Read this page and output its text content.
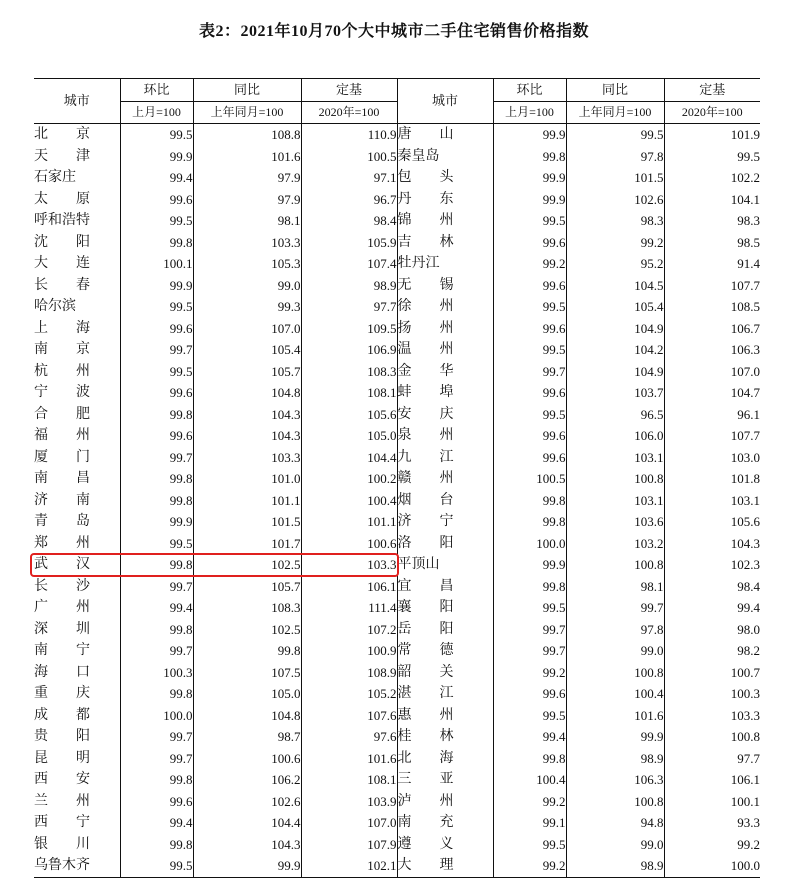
表2：2021年10月70个大中城市二手住宅销售价格指数
城市	环比	同比	定基	城市	环比	同比	定基
	上月=100	上年同月=100	2020年=100		上月=100	上年同月=100	2020年=100
北　　京	99.5	108.8	110.9	唐　　山	99.9	99.5	101.9
天　　津	99.9	101.6	100.5	秦皇岛	99.8	97.8	99.5
石家庄	99.4	97.9	97.1	包　　头	99.9	101.5	102.2
太　　原	99.6	97.9	96.7	丹　　东	99.9	102.6	104.1
呼和浩特	99.5	98.1	98.4	锦　　州	99.5	98.3	98.3
沈　　阳	99.8	103.3	105.9	吉　　林	99.6	99.2	98.5
大　　连	100.1	105.3	107.4	牡丹江	99.2	95.2	91.4
长　　春	99.9	99.0	98.9	无　　锡	99.6	104.5	107.7
哈尔滨	99.5	99.3	97.7	徐　　州	99.5	105.4	108.5
上　　海	99.6	107.0	109.5	扬　　州	99.6	104.9	106.7
南　　京	99.7	105.4	106.9	温　　州	99.5	104.2	106.3
杭　　州	99.5	105.7	108.3	金　　华	99.7	104.9	107.0
宁　　波	99.6	104.8	108.1	蚌　　埠	99.6	103.7	104.7
合　　肥	99.8	104.3	105.6	安　　庆	99.5	96.5	96.1
福　　州	99.6	104.3	105.0	泉　　州	99.6	106.0	107.7
厦　　门	99.7	103.3	104.4	九　　江	99.6	103.1	103.0
南　　昌	99.8	101.0	100.2	赣　　州	100.5	100.8	101.8
济　　南	99.8	101.1	100.4	烟　　台	99.8	103.1	103.1
青　　岛	99.9	101.5	101.1	济　　宁	99.8	103.6	105.6
郑　　州	99.5	101.7	100.6	洛　　阳	100.0	103.2	104.3
武　　汉	99.8	102.5	103.3	平顶山	99.9	100.8	102.3
长　　沙	99.7	105.7	106.1	宜　　昌	99.8	98.1	98.4
广　　州	99.4	108.3	111.4	襄　　阳	99.5	99.7	99.4
深　　圳	99.8	102.5	107.2	岳　　阳	99.7	97.8	98.0
南　　宁	99.7	99.8	100.9	常　　德	99.7	99.0	98.2
海　　口	100.3	107.5	108.9	韶　　关	99.2	100.8	100.7
重　　庆	99.8	105.0	105.2	湛　　江	99.6	100.4	100.3
成　　都	100.0	104.8	107.6	惠　　州	99.5	101.6	103.3
贵　　阳	99.7	98.7	97.6	桂　　林	99.4	99.9	100.8
昆　　明	99.7	100.6	101.6	北　　海	99.8	98.9	97.7
西　　安	99.8	106.2	108.1	三　　亚	100.4	106.3	106.1
兰　　州	99.6	102.6	103.9	泸　　州	99.2	100.8	100.1
西　　宁	99.4	104.4	107.0	南　　充	99.1	94.8	93.3
银　　川	99.8	104.3	107.9	遵　　义	99.5	99.0	99.2
乌鲁木齐	99.5	99.9	102.1	大　　理	99.2	98.9	100.0
